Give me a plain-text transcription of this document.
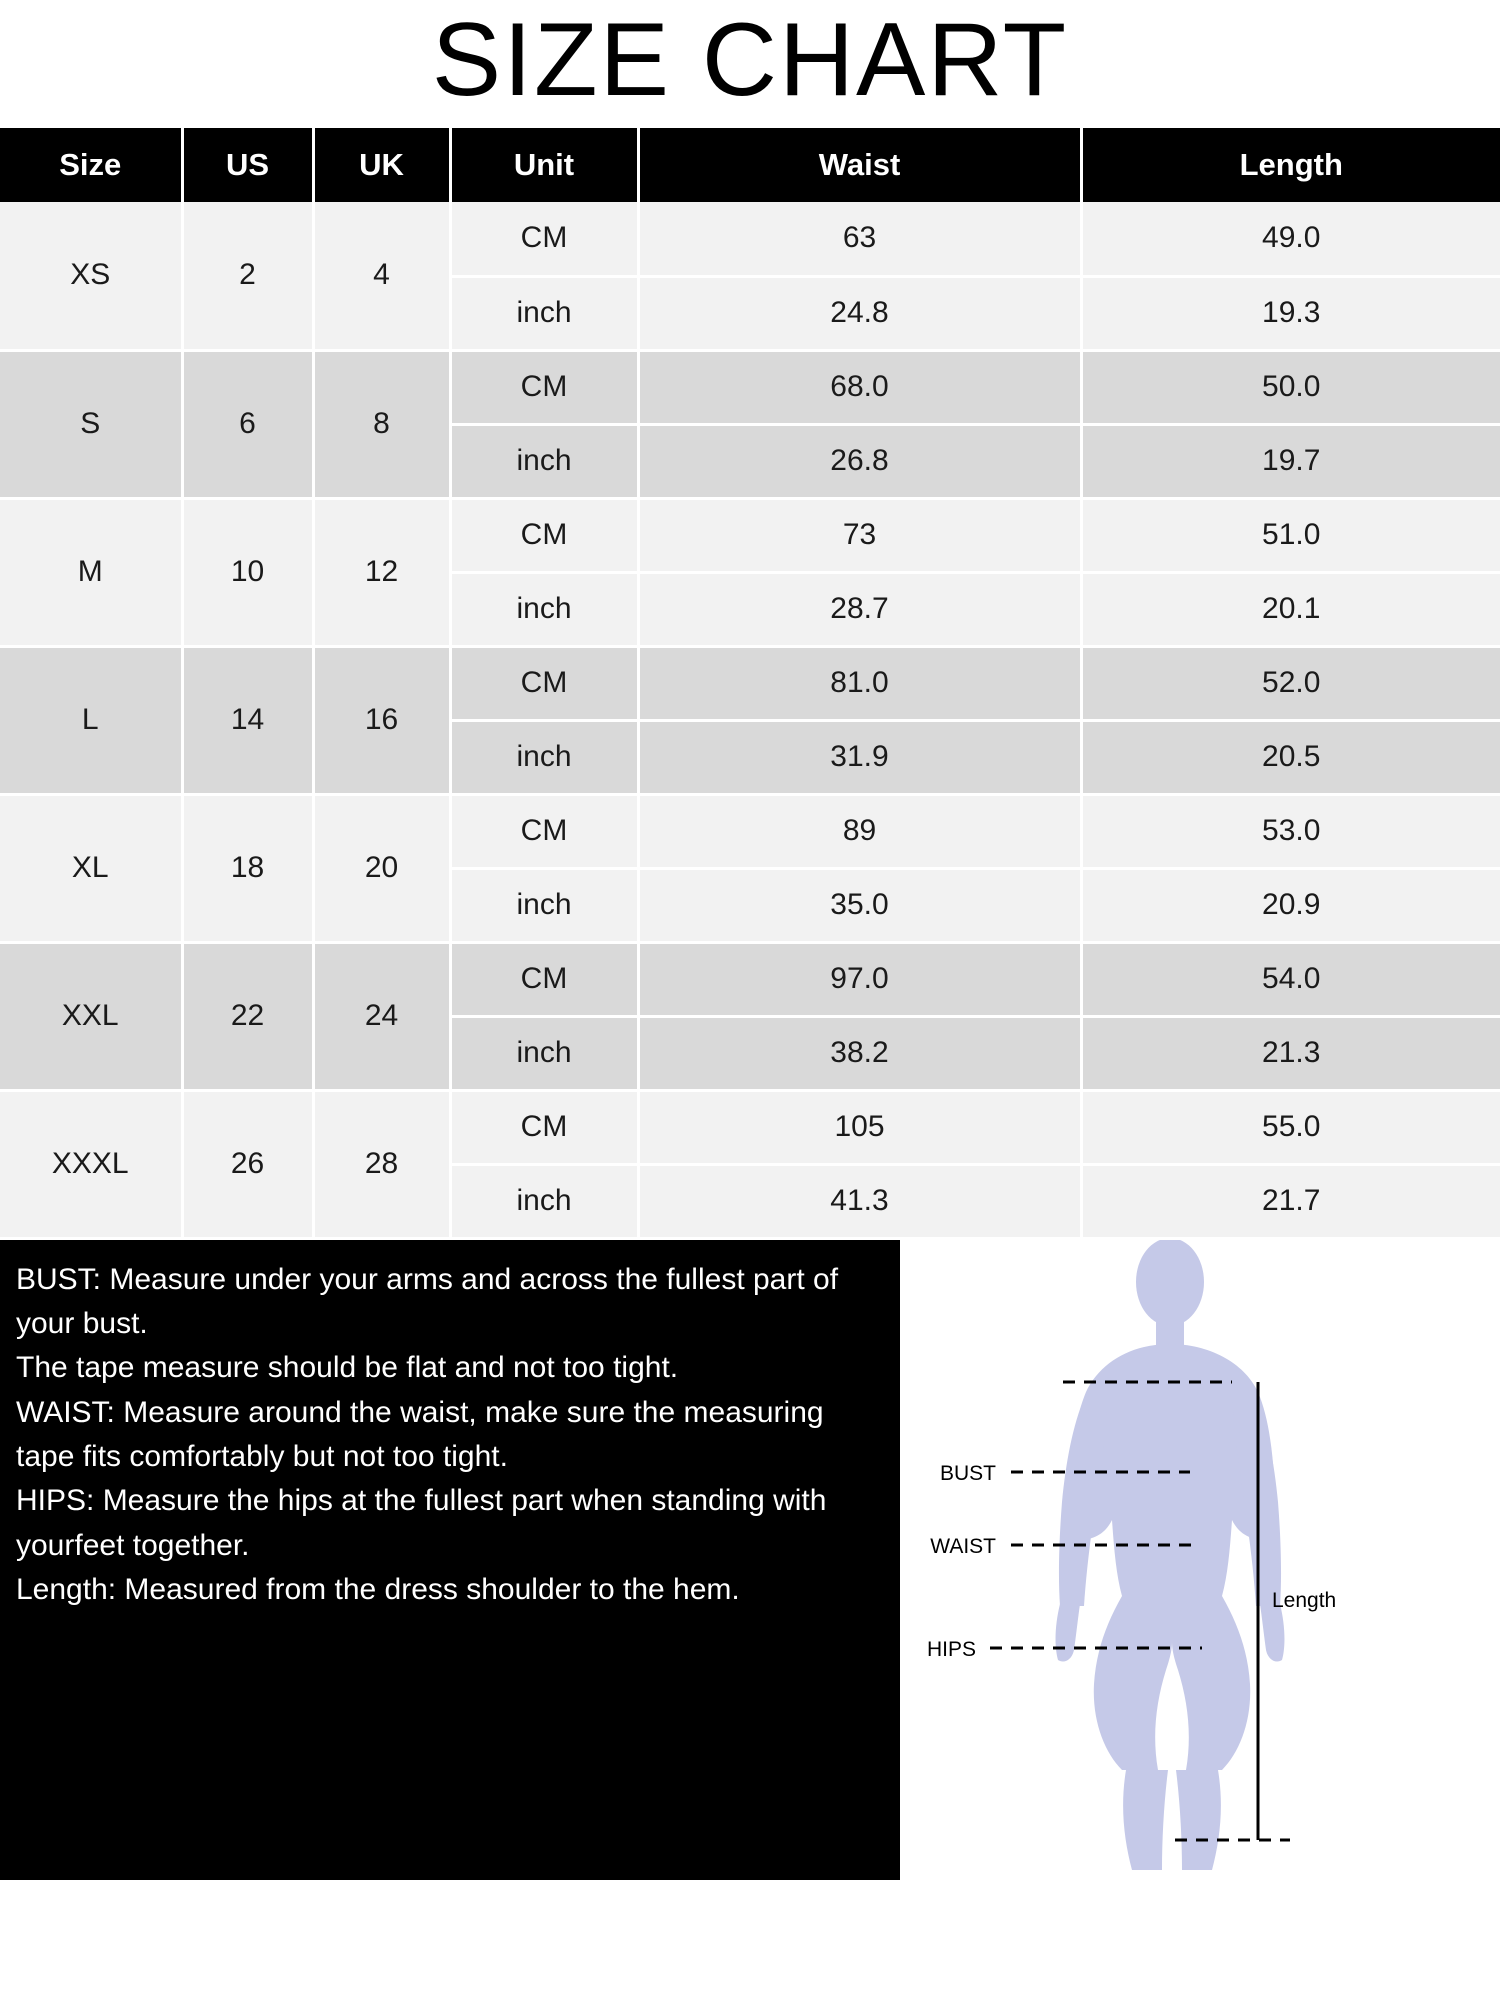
SIZE CHART
Size	US	UK	Unit	Waist	Length
XS	2	4	CM	63	49.0
			inch	24.8	19.3
S	6	8	CM	68.0	50.0
			inch	26.8	19.7
M	10	12	CM	73	51.0
			inch	28.7	20.1
L	14	16	CM	81.0	52.0
			inch	31.9	20.5
XL	18	20	CM	89	53.0
			inch	35.0	20.9
XXL	22	24	CM	97.0	54.0
			inch	38.2	21.3
XXXL	26	28	CM	105	55.0
			inch	41.3	21.7

BUST: Measure under your arms and across the fullest part of your bust.

The tape measure should be flat and not too tight.

WAIST: Measure around the waist, make sure the measuring tape fits comfortably but not too tight.

HIPS: Measure the hips at the fullest part when standing with yourfeet together.

Length: Measured from the dress shoulder to the hem.

BUST
WAIST
HIPS
Length
